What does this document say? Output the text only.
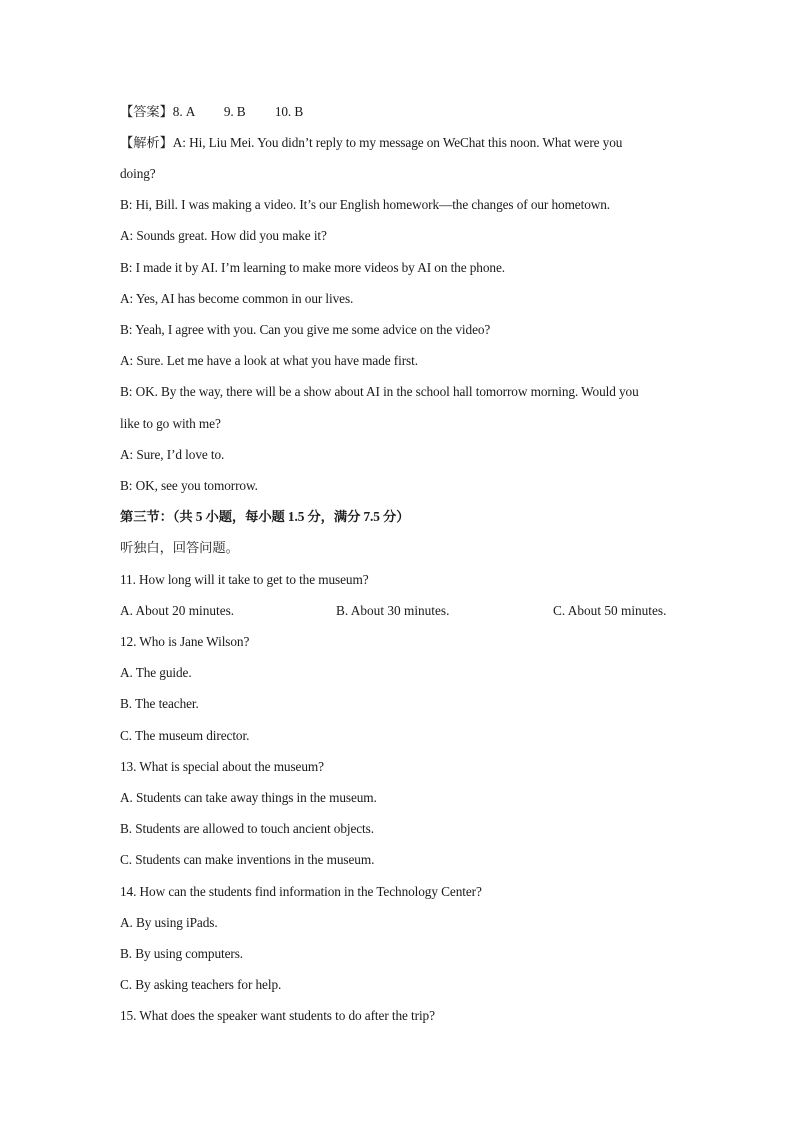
【答案】8. A 9. B 10. B
【解析】A: Hi, Liu Mei. You didn’t reply to my message on WeChat this noon. What were you
doing?
B: Hi, Bill. I was making a video. It’s our English homework—the changes of our hometown.
A: Sounds great. How did you make it?
B: I made it by AI. I’m learning to make more videos by AI on the phone.
A: Yes, AI has become common in our lives.
B: Yeah, I agree with you. Can you give me some advice on the video?
A: Sure. Let me have a look at what you have made first.
B: OK. By the way, there will be a show about AI in the school hall tomorrow morning. Would you
like to go with me?
A: Sure, I’d love to.
B: OK, see you tomorrow.
第三节：（共 5 小题，每小题 1.5 分，满分 7.5 分）
听独白，回答问题。
11. How long will it take to get to the museum?
A. About 20 minutes.	B. About 30 minutes.	C. About 50 minutes.
12. Who is Jane Wilson?
A. The guide.
B. The teacher.
C. The museum director.
13. What is special about the museum?
A. Students can take away things in the museum.
B. Students are allowed to touch ancient objects.
C. Students can make inventions in the museum.
14. How can the students find information in the Technology Center?
A. By using iPads.
B. By using computers.
C. By asking teachers for help.
15. What does the speaker want students to do after the trip?
